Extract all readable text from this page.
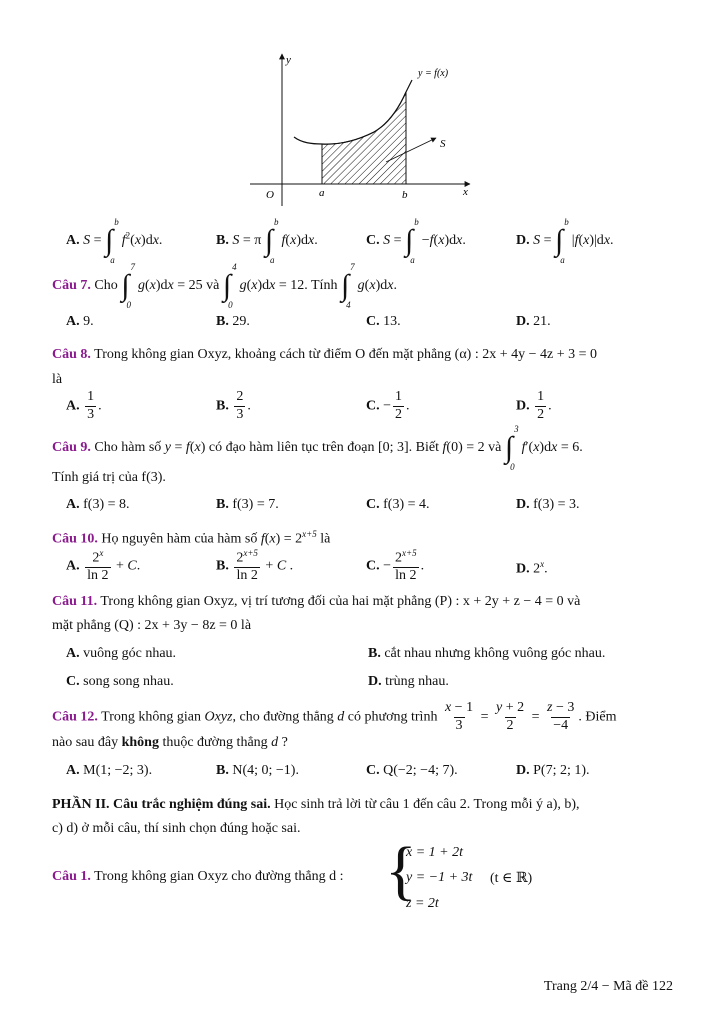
y
x
O	a	b
y = f(x)
S
A. S = ∫
b
a
$f^2(x)dx$.	B. S = π ∫
b
a
f(x)dx.	C. S = ∫
b
a
−f(x)dx.	D. S = ∫
b
a
|f(x)|dx.
Câu 7. Cho ∫
7
0
g(x)dx = 25 và ∫
4
0
g(x)dx = 12. Tính ∫
7
4
g(x)dx.
A. 9.	B. 29.	C. 13.	D. 21.
Câu 8. Trong không gian Oxyz, khoảng cách từ điểm O đến mặt phẳng (α) : 2x + 4y − 4z + 3 = 0
là
A. $\frac{1}{3}$ .	B. $\frac{2}{3}$ .	C. − $\frac{1}{2}$ .	D. $\frac{1}{2}$ .
Câu 9. Cho hàm số y = f(x) có đạo hàm liên tục trên đoạn [0; 3]. Biết f(0) = 2 và ∫
3
0
f′(x)dx = 6.
Tính giá trị của f(3).
A. f(3) = 8.	B. f(3) = 7.	C. f(3) = 4.	D. f(3) = 3.
Câu 10. Họ nguyên hàm của hàm số $f(x) = 2^{x+5}$ là
A. $\frac{2^x}{\ln 2} + C$.	B. $\frac{2^{x+5}}{\ln 2} + C$ .	C. − $\frac{2^{x+5}}{\ln 2}$ .	D. 2$^x$.
Câu 11. Trong không gian Oxyz, vị trí tương đối của hai mặt phẳng (P) : x + 2y + z − 4 = 0 và
mặt phẳng (Q) : 2x + 3y − 8z = 0 là
A. vuông góc nhau.	B. cắt nhau nhưng không vuông góc nhau.
C. song song nhau.	D. trùng nhau.
Câu 12. Trong không gian Oxyz, cho đường thẳng d có phương trình $\frac{x - 1}{3} = \frac{y + 2}{2} = \frac{z - 3}{-4}$ . Điểm
nào sau đây không thuộc đường thẳng d ?
A. M(1; −2; 3).	B. N(4; 0; −1).	C. Q(−2; −4; 7).	D. P(7; 2; 1).
PHẦN II. Câu trắc nghiệm đúng sai. Học sinh trả lời từ câu 1 đến câu 2. Trong mỗi ý a), b),
c) d) ở mỗi câu, thí sinh chọn đúng hoặc sai.
Câu 1. Trong không gian Oxyz cho đường thẳng d : {
x = 1 + 2t
y = −1 + 3t (t ∈ ℝ)
z = 2t
Trang 2/4 − Mã đề 122
